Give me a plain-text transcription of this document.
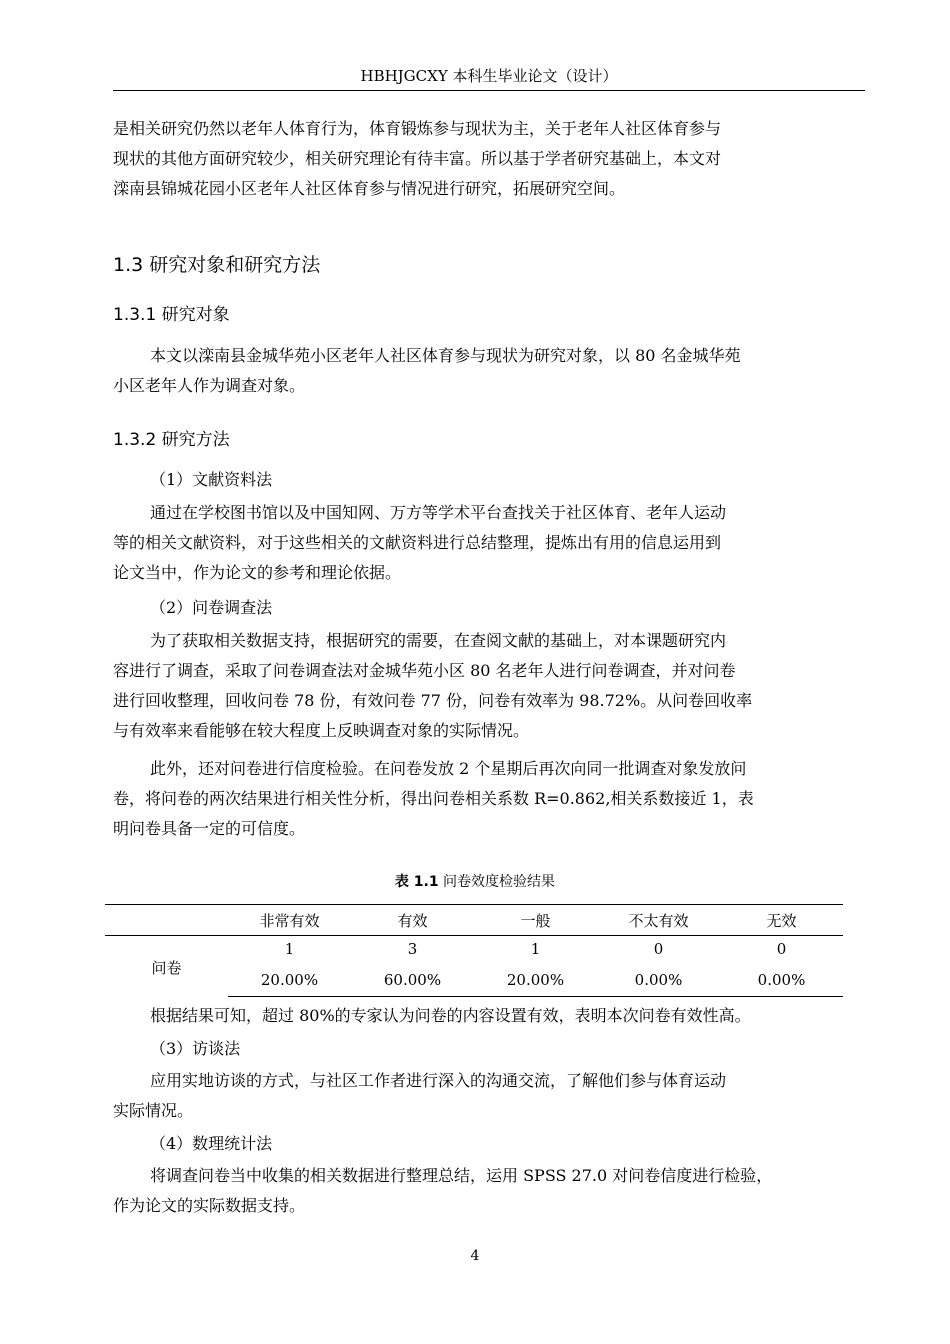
HBHJGCXY 本科生毕业论文（设计）
是相关研究仍然以老年人体育行为，体育锻炼参与现状为主，关于老年人社区体育参与
现状的其他方面研究较少，相关研究理论有待丰富。所以基于学者研究基础上，本文对
滦南县锦城花园小区老年人社区体育参与情况进行研究，拓展研究空间。
1.3 研究对象和研究方法
1.3.1 研究对象
本文以滦南县金城华苑小区老年人社区体育参与现状为研究对象，以 80 名金城华苑
小区老年人作为调查对象。
1.3.2 研究方法
（1）文献资料法
通过在学校图书馆以及中国知网、万方等学术平台查找关于社区体育、老年人运动
等的相关文献资料，对于这些相关的文献资料进行总结整理，提炼出有用的信息运用到
论文当中，作为论文的参考和理论依据。
（2）问卷调查法
为了获取相关数据支持，根据研究的需要，在查阅文献的基础上，对本课题研究内
容进行了调查，采取了问卷调查法对金城华苑小区 80 名老年人进行问卷调查，并对问卷
进行回收整理，回收问卷 78 份，有效问卷 77 份，问卷有效率为 98.72%。从问卷回收率
与有效率来看能够在较大程度上反映调查对象的实际情况。
此外，还对问卷进行信度检验。在问卷发放 2 个星期后再次向同一批调查对象发放问
卷，将问卷的两次结果进行相关性分析，得出问卷相关系数 R=0.862,相关系数接近 1，表
明问卷具备一定的可信度。
表 1.1 问卷效度检验结果
非常有效	有效	一般	不太有效	无效
问卷
1	3	1	0	0
20.00%	60.00%	20.00%	0.00%	0.00%
根据结果可知，超过 80%的专家认为问卷的内容设置有效，表明本次问卷有效性高。
（3）访谈法
应用实地访谈的方式，与社区工作者进行深入的沟通交流，了解他们参与体育运动
实际情况。
（4）数理统计法
将调查问卷当中收集的相关数据进行整理总结，运用 SPSS 27.0 对问卷信度进行检验，
作为论文的实际数据支持。
4
